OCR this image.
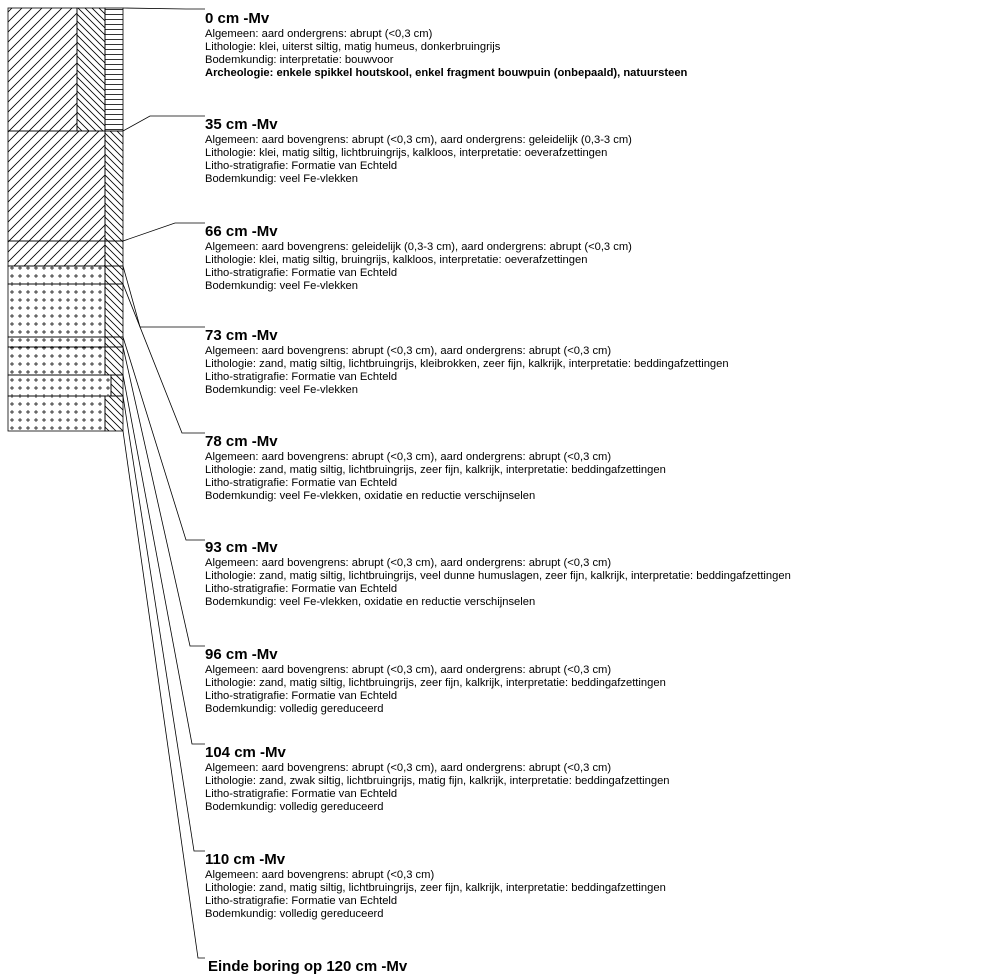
0 cm -Mv
Algemeen: aard ondergrens: abrupt (<0,3 cm)
Lithologie: klei, uiterst siltig, matig humeus, donkerbruingrijs
Bodemkundig: interpretatie: bouwvoor
Archeologie: enkele spikkel houtskool, enkel fragment bouwpuin (onbepaald), natuursteen
35 cm -Mv
Algemeen: aard bovengrens: abrupt (<0,3 cm), aard ondergrens: geleidelijk (0,3-3 cm)
Lithologie: klei, matig siltig, lichtbruingrijs, kalkloos, interpretatie: oeverafzettingen
Litho-stratigrafie: Formatie van Echteld
Bodemkundig: veel Fe-vlekken
66 cm -Mv
Algemeen: aard bovengrens: geleidelijk (0,3-3 cm), aard ondergrens: abrupt (<0,3 cm)
Lithologie: klei, matig siltig, bruingrijs, kalkloos, interpretatie: oeverafzettingen
Litho-stratigrafie: Formatie van Echteld
Bodemkundig: veel Fe-vlekken
73 cm -Mv
Algemeen: aard bovengrens: abrupt (<0,3 cm), aard ondergrens: abrupt (<0,3 cm)
Lithologie: zand, matig siltig, lichtbruingrijs, kleibrokken, zeer fijn, kalkrijk, interpretatie: beddingafzettingen
Litho-stratigrafie: Formatie van Echteld
Bodemkundig: veel Fe-vlekken
78 cm -Mv
Algemeen: aard bovengrens: abrupt (<0,3 cm), aard ondergrens: abrupt (<0,3 cm)
Lithologie: zand, matig siltig, lichtbruingrijs, zeer fijn, kalkrijk, interpretatie: beddingafzettingen
Litho-stratigrafie: Formatie van Echteld
Bodemkundig: veel Fe-vlekken, oxidatie en reductie verschijnselen
93 cm -Mv
Algemeen: aard bovengrens: abrupt (<0,3 cm), aard ondergrens: abrupt (<0,3 cm)
Lithologie: zand, matig siltig, lichtbruingrijs, veel dunne humuslagen, zeer fijn, kalkrijk, interpretatie: beddingafzettingen
Litho-stratigrafie: Formatie van Echteld
Bodemkundig: veel Fe-vlekken, oxidatie en reductie verschijnselen
96 cm -Mv
Algemeen: aard bovengrens: abrupt (<0,3 cm), aard ondergrens: abrupt (<0,3 cm)
Lithologie: zand, matig siltig, lichtbruingrijs, zeer fijn, kalkrijk, interpretatie: beddingafzettingen
Litho-stratigrafie: Formatie van Echteld
Bodemkundig: volledig gereduceerd
104 cm -Mv
Algemeen: aard bovengrens: abrupt (<0,3 cm), aard ondergrens: abrupt (<0,3 cm)
Lithologie: zand, zwak siltig, lichtbruingrijs, matig fijn, kalkrijk, interpretatie: beddingafzettingen
Litho-stratigrafie: Formatie van Echteld
Bodemkundig: volledig gereduceerd
110 cm -Mv
Algemeen: aard bovengrens: abrupt (<0,3 cm)
Lithologie: zand, matig siltig, lichtbruingrijs, zeer fijn, kalkrijk, interpretatie: beddingafzettingen
Litho-stratigrafie: Formatie van Echteld
Bodemkundig: volledig gereduceerd
Einde boring op 120 cm -Mv
